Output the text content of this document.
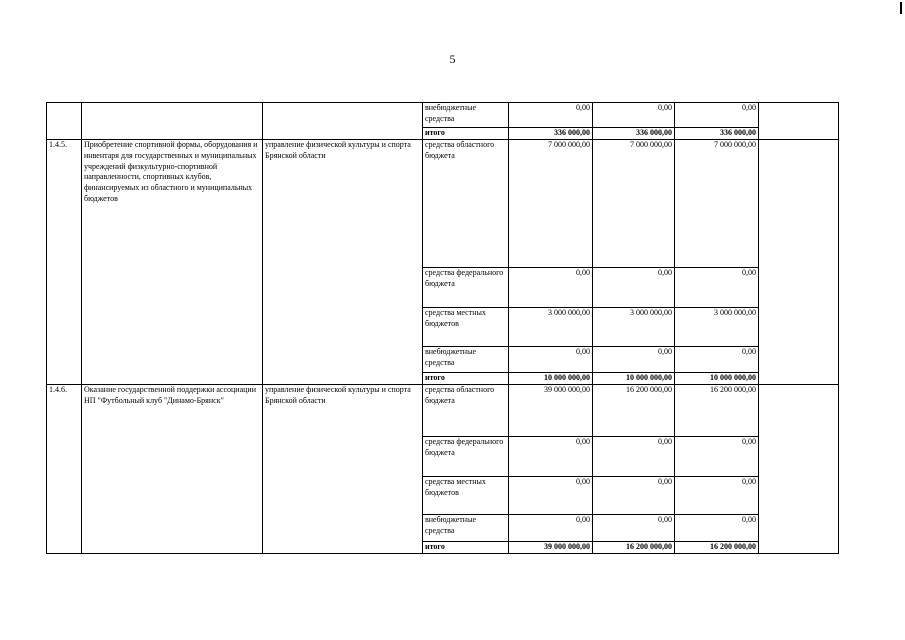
5
			внебюджетные средства	0,00	0,00	0,00	
			итого	336 000,00	336 000,00	336 000,00	
1.4.5.	Приобретение спортивной формы, оборудования и инвентаря для государственных и муниципальных учреждений физкультурно-спортивной направленности, спортивных клубов, финансируемых из областного и муниципальных бюджетов	управление физической культуры и спорта Брянской области	средства областного бюджета	7 000 000,00	7 000 000,00	7 000 000,00	
			средства федерального бюджета	0,00	0,00	0,00	
			средства местных бюджетов	3 000 000,00	3 000 000,00	3 000 000,00	
			внебюджетные средства	0,00	0,00	0,00	
			итого	10 000 000,00	10 000 000,00	10 000 000,00	
1.4.6.	Оказание государственной поддержки ассоциации НП "Футбольный клуб "Динамо-Брянск"	управление физической культуры и спорта Брянской области	средства областного бюджета	39 000 000,00	16 200 000,00	16 200 000,00	
			средства федерального бюджета	0,00	0,00	0,00	
			средства местных бюджетов	0,00	0,00	0,00	
			внебюджетные средства	0,00	0,00	0,00	
			итого	39 000 000,00	16 200 000,00	16 200 000,00	
